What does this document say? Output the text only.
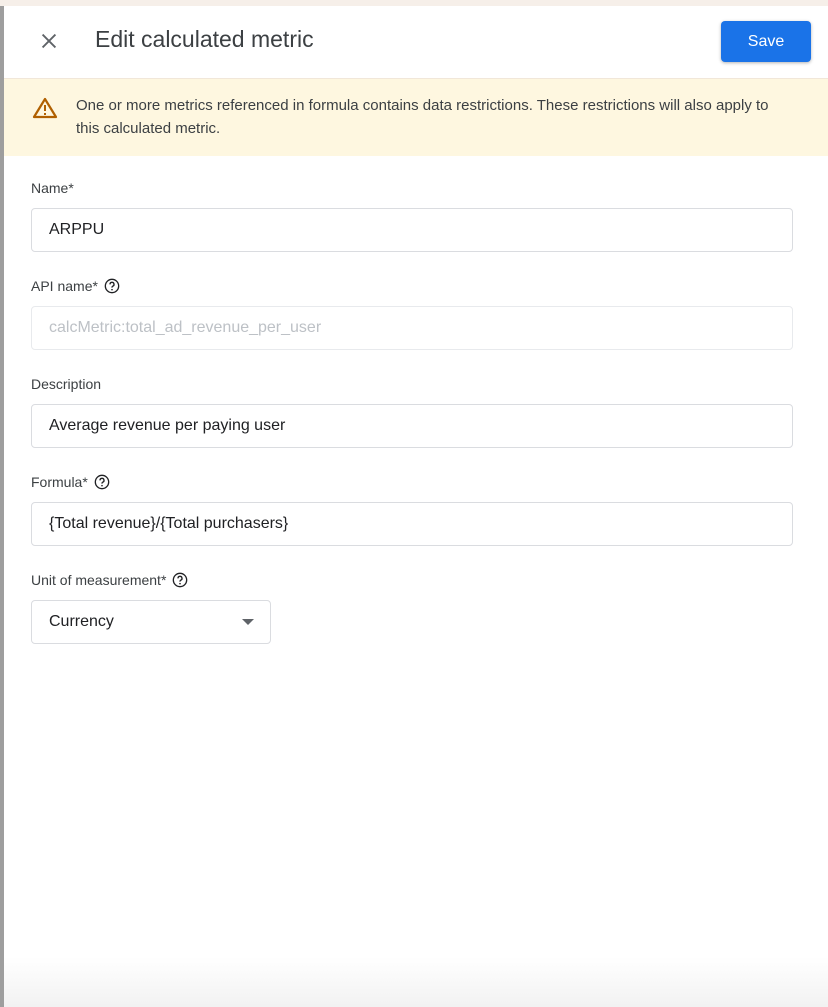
Edit calculated metric	Save
One or more metrics referenced in formula contains data restrictions. These restrictions will also apply to this calculated metric.
Name*
ARPPU
API name*
calcMetric:total_ad_revenue_per_user
Description
Average revenue per paying user
Formula*
{Total revenue}/{Total purchasers}
Unit of measurement*
Currency
